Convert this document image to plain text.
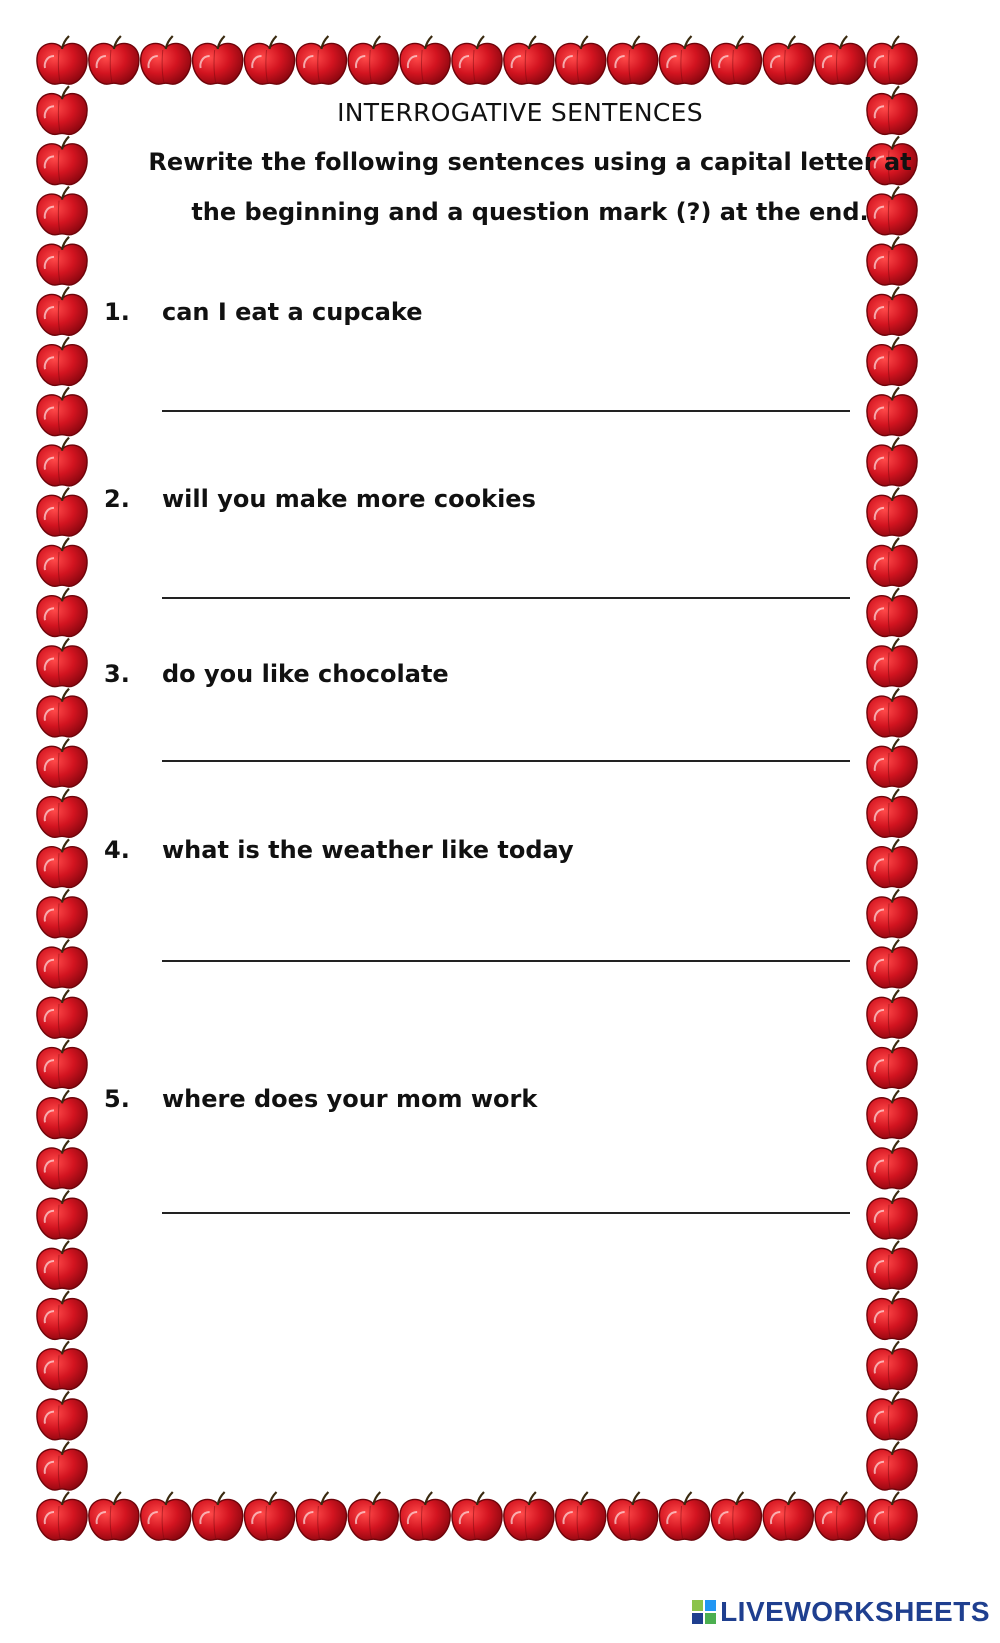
INTERROGATIVE SENTENCES
Rewrite the following sentences using a capital letter at
the beginning and a question mark (?) at the end.
1. can I eat a cupcake
2. will you make more cookies
3. do you like chocolate
4. what is the weather like today
5. where does your mom work
LIVEWORKSHEETS
